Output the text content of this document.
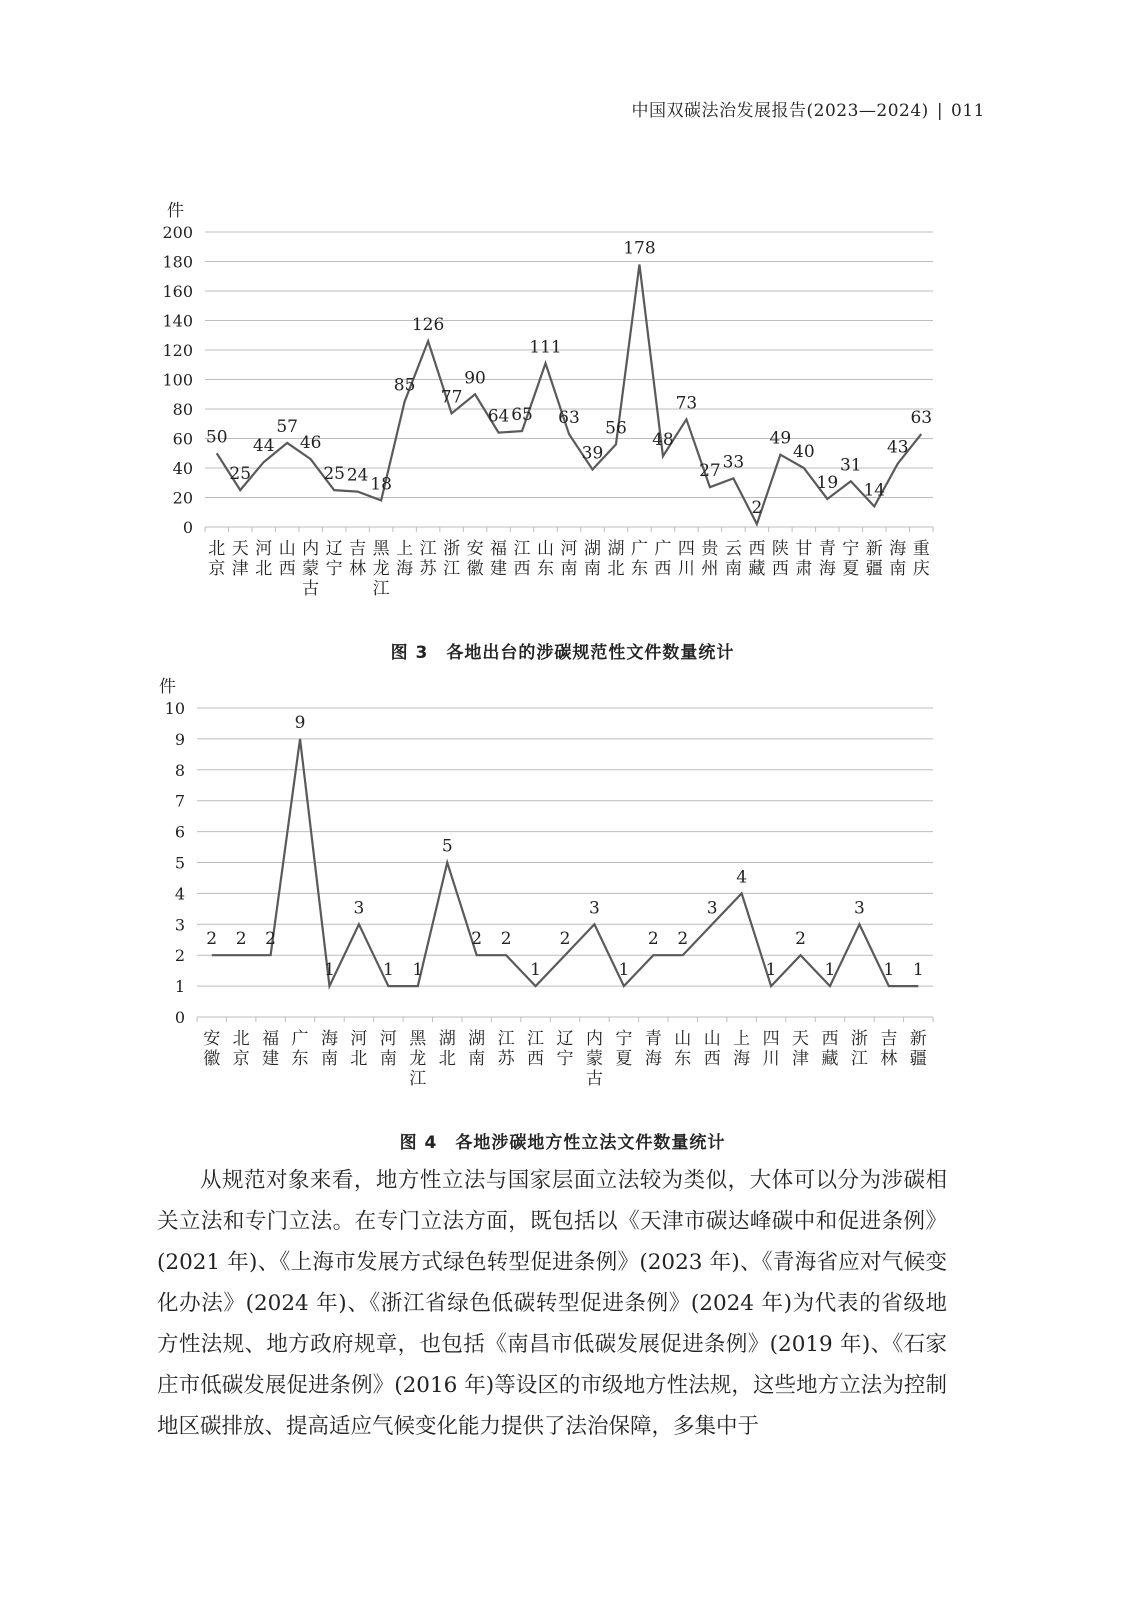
中国双碳法治发展报告(2023—2024) | 011
件
0
20
40
60
80
100
120
140
160
180
200
北京
天津
河北
山西
内蒙古
辽宁
吉林
黑龙江
上海
江苏
浙江
安徽
福建
江西
山东
河南
湖南
湖北
广东
广西
四川
贵州
云南
西藏
陕西
甘肃
青海
宁夏
新疆
海南
重庆
50
25
44
57
46
25 24 18
85
126
77
90
64 65
111
63
39
56
178
48
73
27 33
2
49
40
19
31
14
43
63
图 3　各地出台的涉碳规范性文件数量统计
件
0
1
2
3
4
5
6
7
8
9
10
安徽
北京
福建
广东
海南
河北
河南
黑龙江
湖北
湖南
江苏
江西
辽宁
内蒙古
宁夏
青海
山东
山西
上海
四川
天津
西藏
浙江
吉林
新疆
2 2 2
9
1
3
1 1
5
2 2
1
2
3
1
2 2
3
4
1
2
1
3
1 1
图 4　各地涉碳地方性立法文件数量统计

从规范对象来看，地方性立法与国家层面立法较为类似，大体可以分为涉碳相关立法和专门立法。在专门立法方面，既包括以《天津市碳达峰碳中和促进条例》(2021 年)、《上海市发展方式绿色转型促进条例》(2023 年)、《青海省应对气候变化办法》(2024 年)、《浙江省绿色低碳转型促进条例》(2024 年)为代表的省级地方性法规、地方政府规章，也包括《南昌市低碳发展促进条例》(2019 年)、《石家庄市低碳发展促进条例》(2016 年)等设区的市级地方性法规，这些地方立法为控制地区碳排放、提高适应气候变化能力提供了法治保障，多集中于
